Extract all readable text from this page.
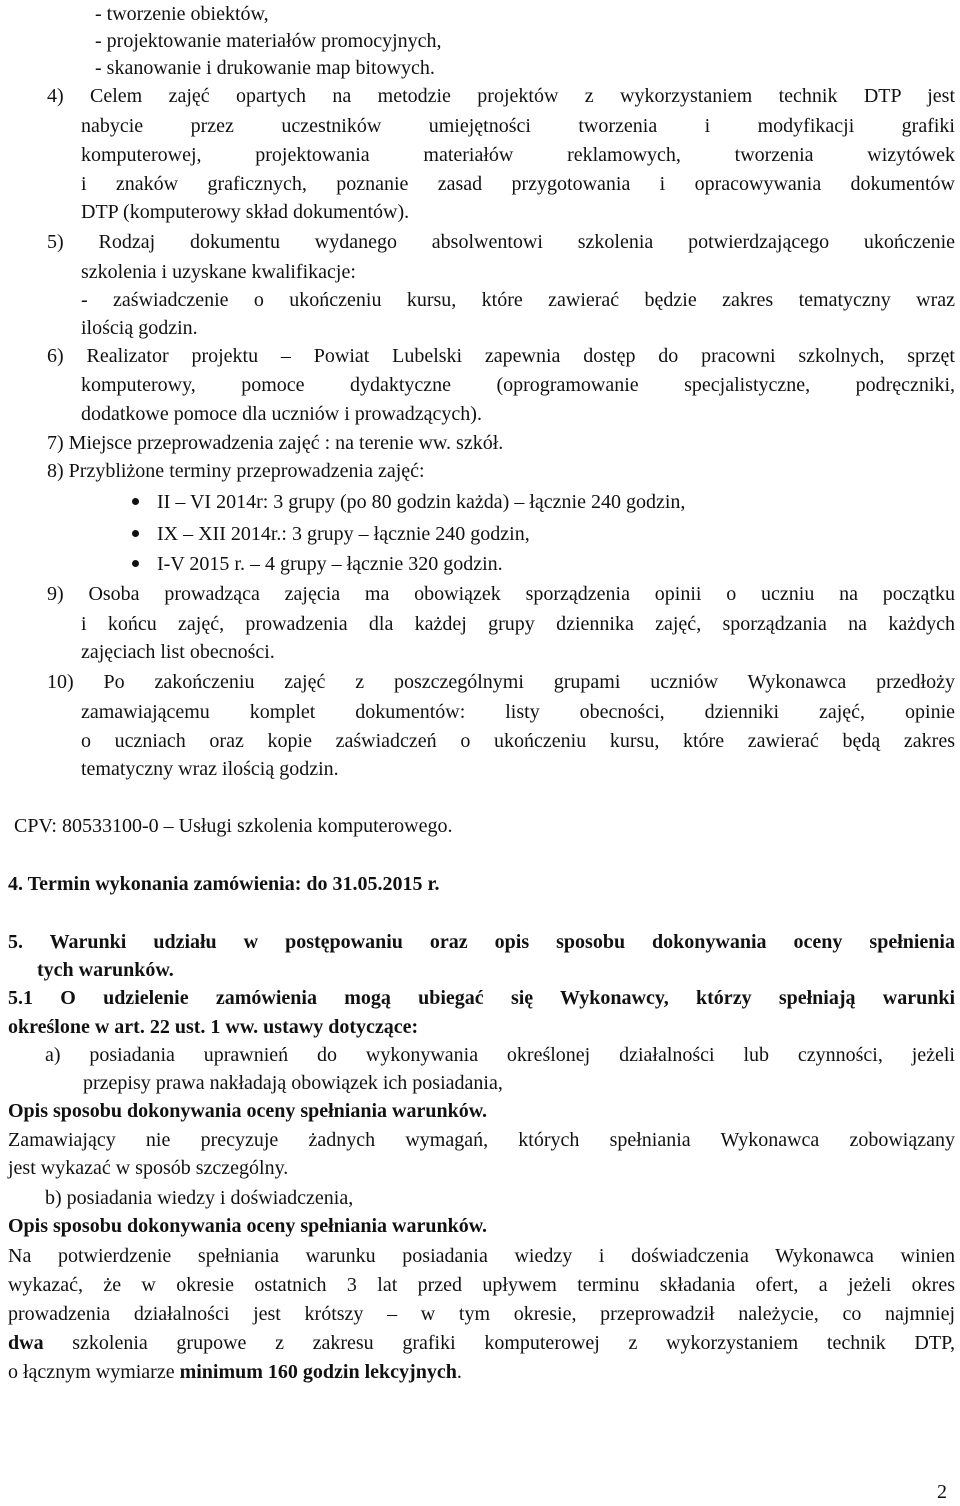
- tworzenie obiektów,
- projektowanie materiałów promocyjnych,
- skanowanie i drukowanie map bitowych.
4) Celem zajęć opartych na metodzie projektów z wykorzystaniem technik DTP jest
nabycie przez uczestników umiejętności tworzenia i modyfikacji grafiki
komputerowej, projektowania materiałów reklamowych, tworzenia wizytówek
i znaków graficznych, poznanie zasad przygotowania i opracowywania dokumentów
DTP (komputerowy skład dokumentów).
5) Rodzaj dokumentu wydanego absolwentowi szkolenia potwierdzającego ukończenie
szkolenia i uzyskane kwalifikacje:
- zaświadczenie o ukończeniu kursu, które zawierać będzie zakres tematyczny wraz
ilością godzin.
6) Realizator projektu – Powiat Lubelski zapewnia dostęp do pracowni szkolnych, sprzęt
komputerowy, pomoce dydaktyczne (oprogramowanie specjalistyczne, podręczniki,
dodatkowe pomoce dla uczniów i prowadzących).
7) Miejsce przeprowadzenia zajęć : na terenie ww. szkół.
8) Przybliżone terminy przeprowadzenia zajęć:
II – VI 2014r: 3 grupy (po 80 godzin każda) – łącznie 240 godzin,
IX – XII 2014r.: 3 grupy – łącznie 240 godzin,
I-V 2015 r. – 4 grupy – łącznie 320 godzin.
9) Osoba prowadząca zajęcia ma obowiązek sporządzenia opinii o uczniu na początku
i końcu zajęć, prowadzenia dla każdej grupy dziennika zajęć, sporządzania na każdych
zajęciach list obecności.
10) Po zakończeniu zajęć z poszczególnymi grupami uczniów Wykonawca przedłoży
zamawiającemu komplet dokumentów: listy obecności, dzienniki zajęć, opinie
o uczniach oraz kopie zaświadczeń o ukończeniu kursu, które zawierać będą zakres
tematyczny wraz ilością godzin.
CPV: 80533100-0 – Usługi szkolenia komputerowego.
4. Termin wykonania zamówienia: do 31.05.2015 r.
5. Warunki udziału w postępowaniu oraz opis sposobu dokonywania oceny spełnienia
tych warunków.
5.1 O udzielenie zamówienia mogą ubiegać się Wykonawcy, którzy spełniają warunki
określone w art. 22 ust. 1 ww. ustawy dotyczące:
a) posiadania uprawnień do wykonywania określonej działalności lub czynności, jeżeli
przepisy prawa nakładają obowiązek ich posiadania,
Opis sposobu dokonywania oceny spełniania warunków.
Zamawiający nie precyzuje żadnych wymagań, których spełniania Wykonawca zobowiązany
jest wykazać w sposób szczególny.
b) posiadania wiedzy i doświadczenia,
Opis sposobu dokonywania oceny spełniania warunków.
Na potwierdzenie spełniania warunku posiadania wiedzy i doświadczenia Wykonawca winien
wykazać, że w okresie ostatnich 3 lat przed upływem terminu składania ofert, a jeżeli okres
prowadzenia działalności jest krótszy – w tym okresie, przeprowadził należycie, co najmniej
dwa szkolenia grupowe z zakresu grafiki komputerowej z wykorzystaniem technik DTP,
o łącznym wymiarze minimum 160 godzin lekcyjnych.
2
